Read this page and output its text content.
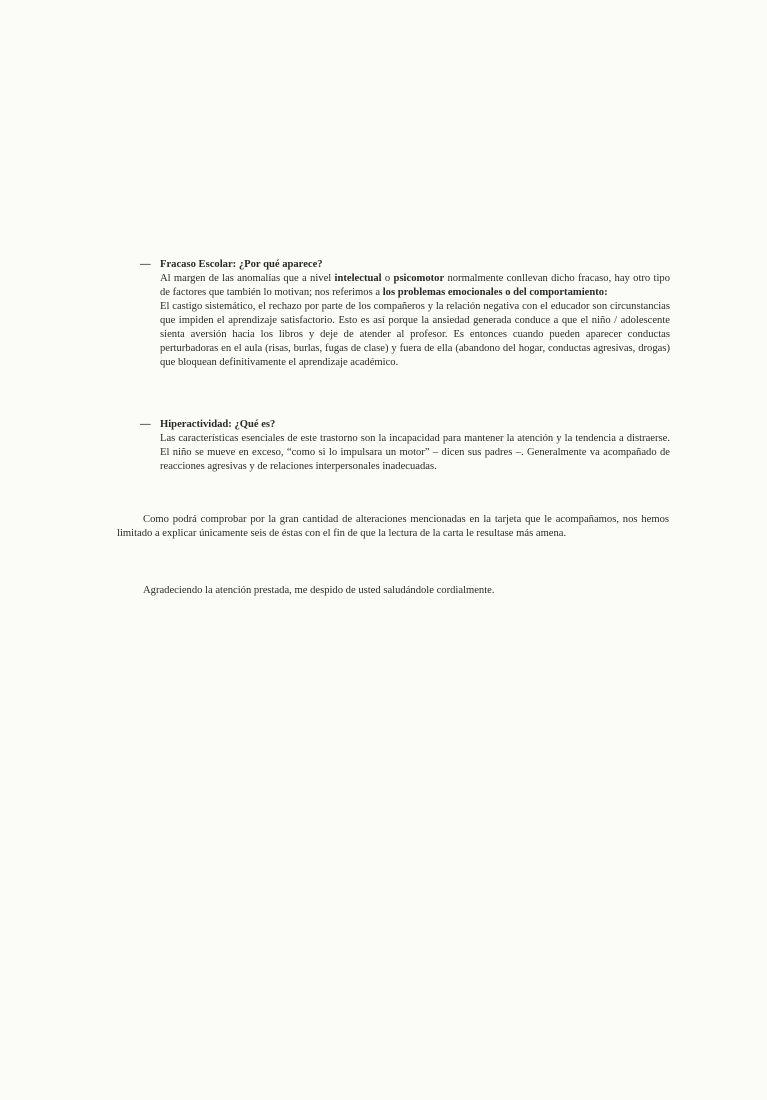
— Fracaso Escolar: ¿Por qué aparece?

Al margen de las anomalías que a nivel intelectual o psicomotor normalmente conllevan dicho fracaso, hay otro tipo de factores que también lo motivan; nos referimos a los problemas emocionales o del comportamiento:

El castigo sistemático, el rechazo por parte de los compañeros y la relación negativa con el educador son circunstancias que impiden el aprendizaje satisfactorio. Esto es así porque la ansiedad generada conduce a que el niño / adolescente sienta aversión hacia los libros y deje de atender al profesor. Es entonces cuando pueden aparecer conductas perturbadoras en el aula (risas, burlas, fugas de clase) y fuera de ella (abandono del hogar, conductas agresivas, drogas) que bloquean definitivamente el aprendizaje académico.

— Hiperactividad: ¿Qué es?

Las características esenciales de este trastorno son la incapacidad para mantener la atención y la tendencia a distraerse. El niño se mueve en exceso, “como si lo impulsara un motor” – dicen sus padres –. Generalmente va acompañado de reacciones agresivas y de relaciones interpersonales inadecuadas.

Como podrá comprobar por la gran cantidad de alteraciones mencionadas en la tarjeta que le acompañamos, nos hemos limitado a explicar únicamente seis de éstas con el fin de que la lectura de la carta le resultase más amena.

Agradeciendo la atención prestada, me despido de usted saludándole cordialmente.
